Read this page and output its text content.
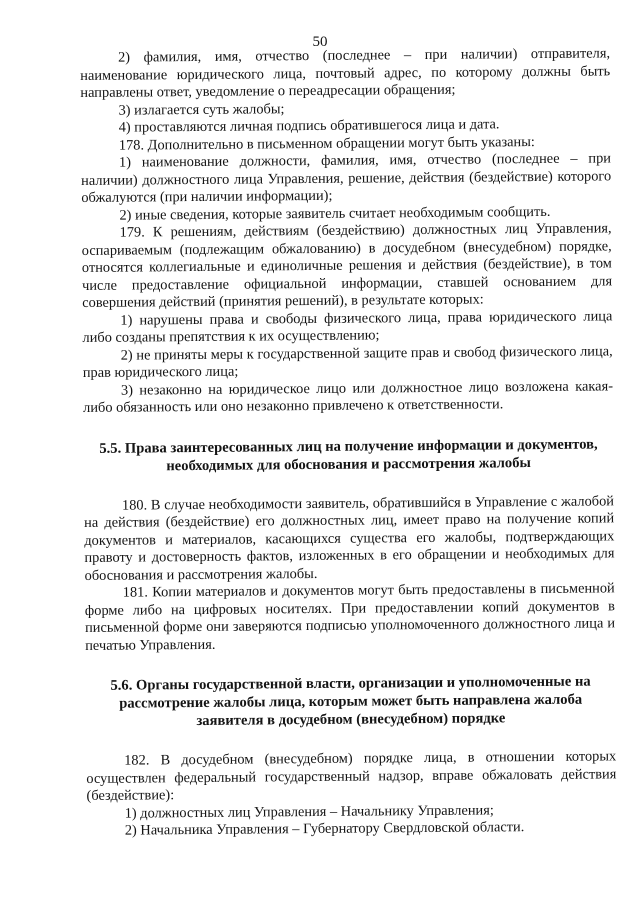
50

2) фамилия, имя, отчество (последнее – при наличии) отправителя, наименование юридического лица, почтовый адрес, по которому должны быть направлены ответ, уведомление о переадресации обращения;

3) излагается суть жалобы;

4) проставляются личная подпись обратившегося лица и дата.

178. Дополнительно в письменном обращении могут быть указаны:

1) наименование должности, фамилия, имя, отчество (последнее – при наличии) должностного лица Управления, решение, действия (бездействие) которого обжалуются (при наличии информации);

2) иные сведения, которые заявитель считает необходимым сообщить.

179. К решениям, действиям (бездействию) должностных лиц Управления, оспариваемым (подлежащим обжалованию) в досудебном (внесудебном) порядке, относятся коллегиальные и единоличные решения и действия (бездействие), в том числе предоставление официальной информации, ставшей основанием для совершения действий (принятия решений), в результате которых:

1) нарушены права и свободы физического лица, права юридического лица либо созданы препятствия к их осуществлению;

2) не приняты меры к государственной защите прав и свобод физического лица, прав юридического лица;

3) незаконно на юридическое лицо или должностное лицо возложена какая-либо обязанность или оно незаконно привлечено к ответственности.

5.5. Права заинтересованных лиц на получение информации и документов, необходимых для обоснования и рассмотрения жалобы

180. В случае необходимости заявитель, обратившийся в Управление с жалобой на действия (бездействие) его должностных лиц, имеет право на получение копий документов и материалов, касающихся существа его жалобы, подтверждающих правоту и достоверность фактов, изложенных в его обращении и необходимых для обоснования и рассмотрения жалобы.

181. Копии материалов и документов могут быть предоставлены в письменной форме либо на цифровых носителях. При предоставлении копий документов в письменной форме они заверяются подписью уполномоченного должностного лица и печатью Управления.

5.6. Органы государственной власти, организации и уполномоченные на рассмотрение жалобы лица, которым может быть направлена жалоба заявителя в досудебном (внесудебном) порядке

182. В досудебном (внесудебном) порядке лица, в отношении которых осуществлен федеральный государственный надзор, вправе обжаловать действия (бездействие):

1) должностных лиц Управления – Начальнику Управления;

2) Начальника Управления – Губернатору Свердловской области.
